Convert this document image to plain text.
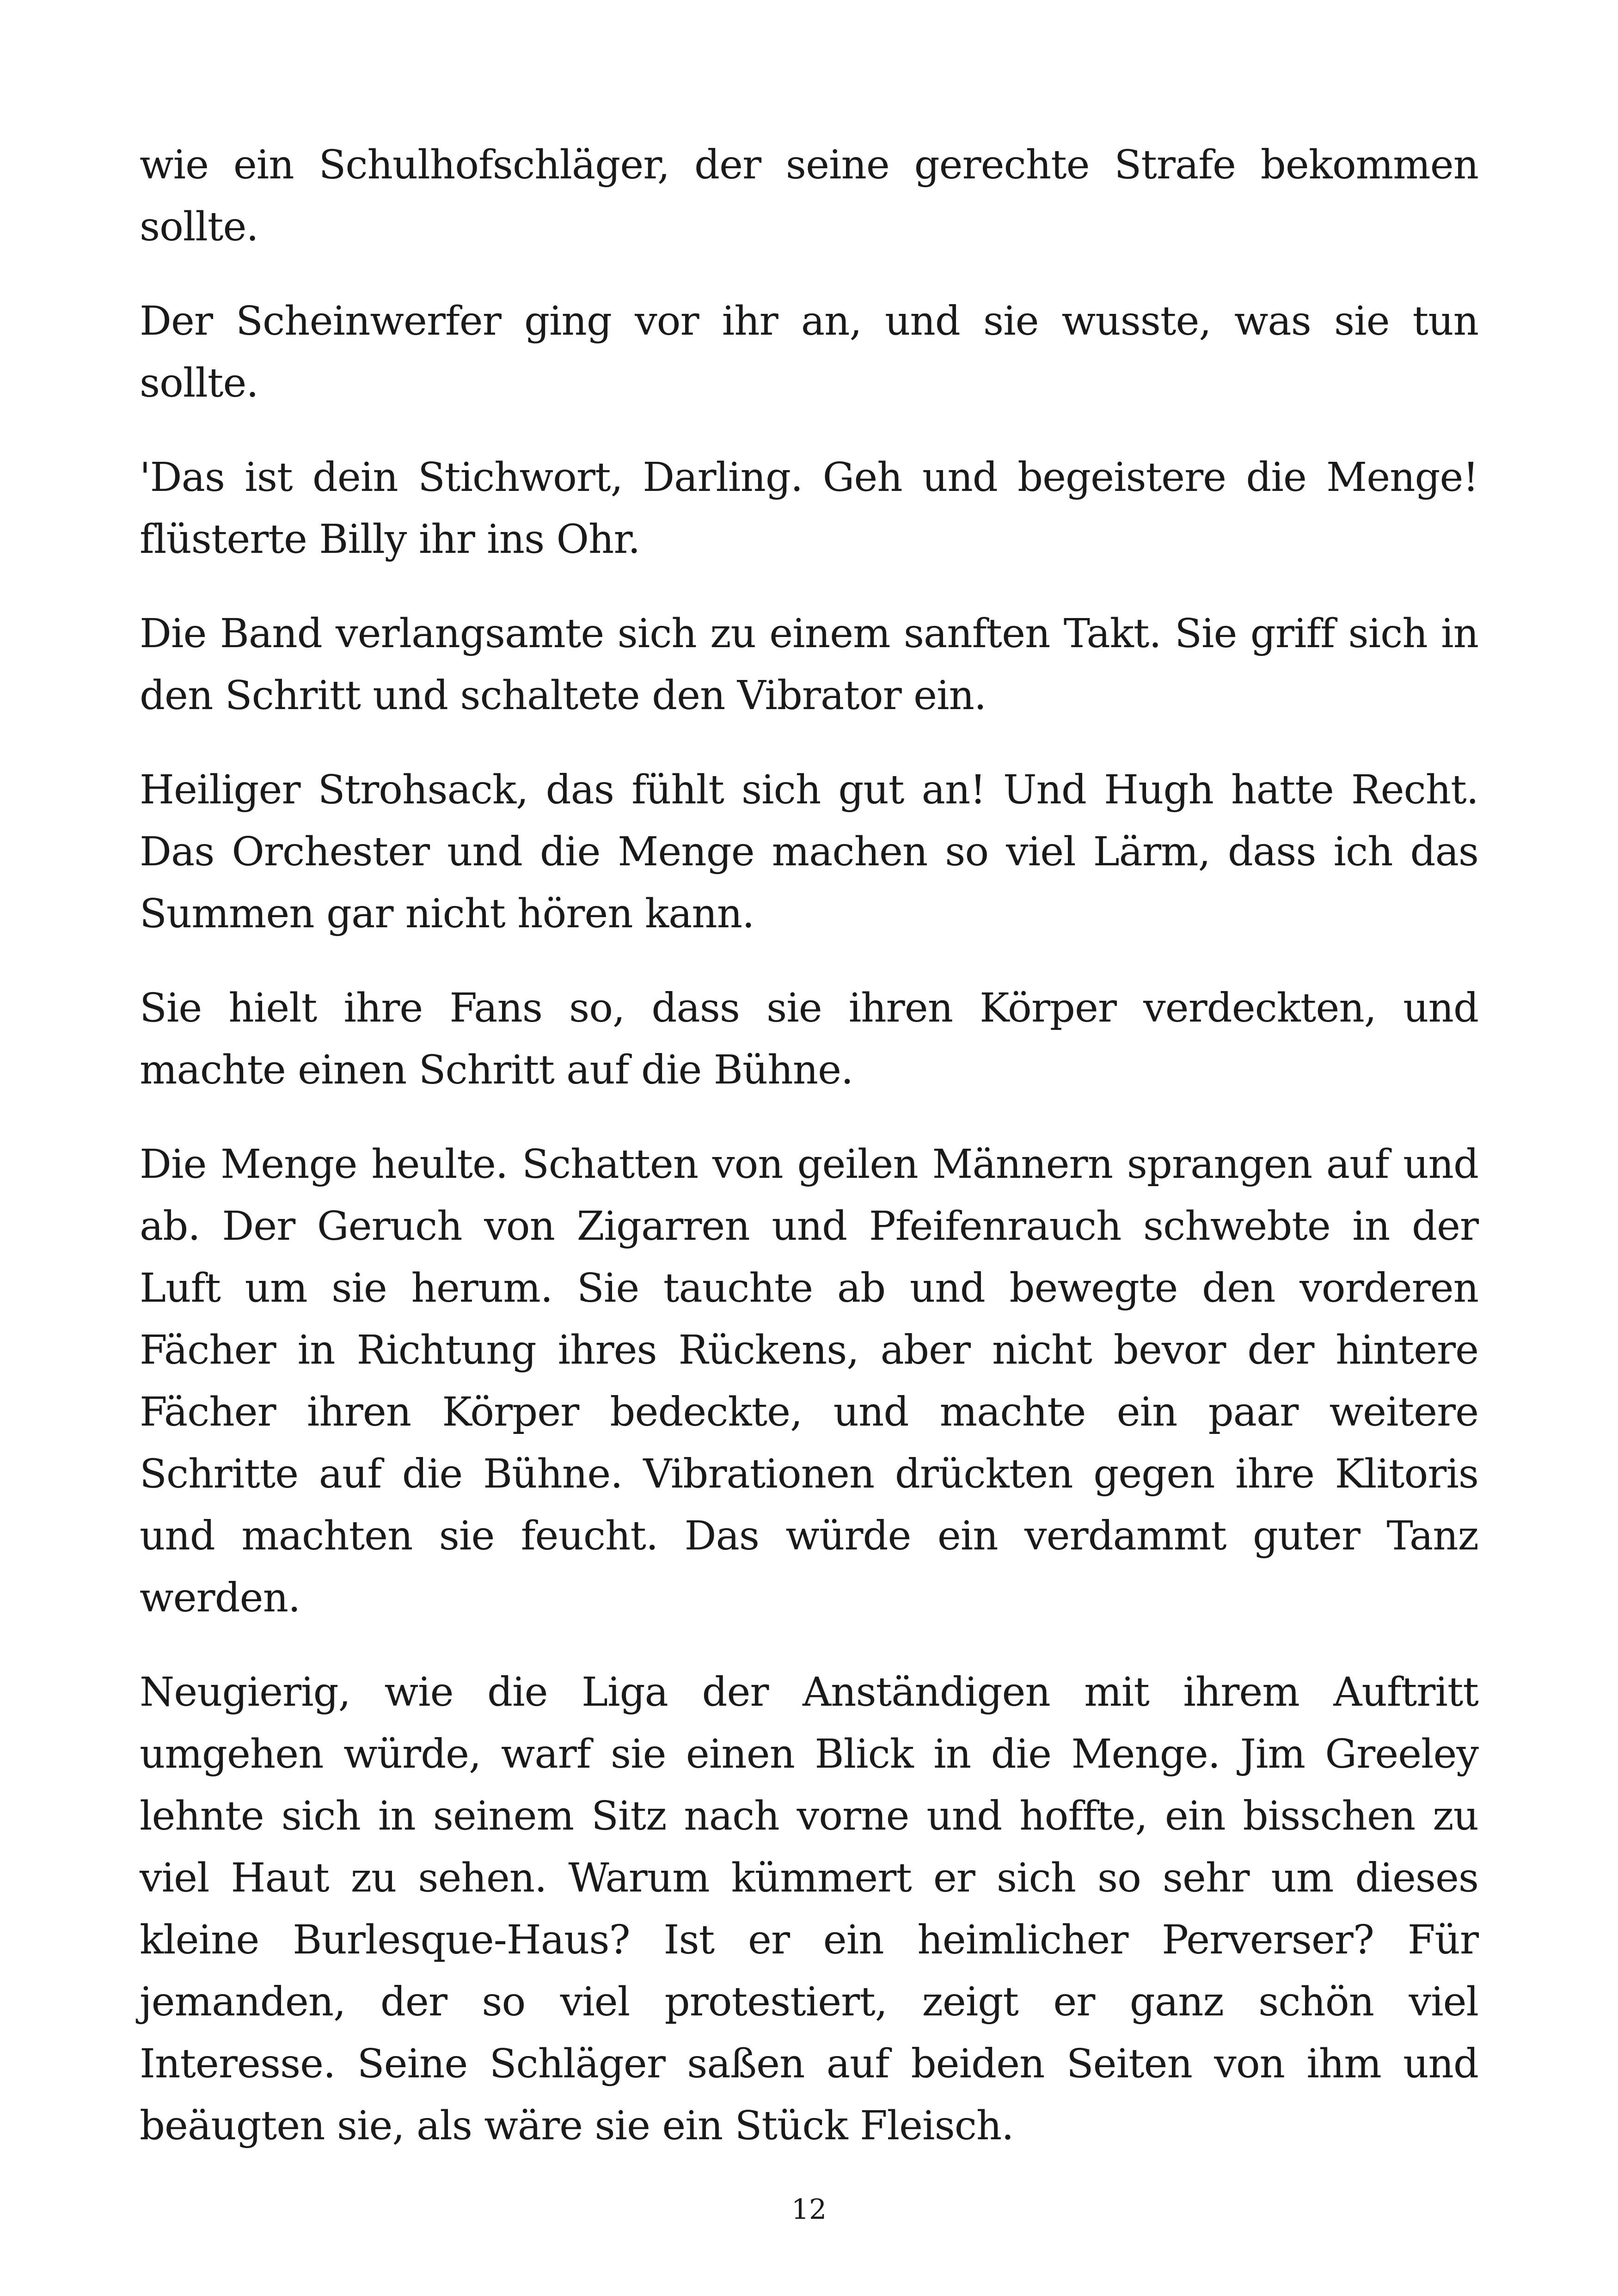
wie ein Schulhofschläger, der seine gerechte Strafe bekommen sollte.

Der Scheinwerfer ging vor ihr an, und sie wusste, was sie tun sollte.

'Das ist dein Stichwort, Darling. Geh und begeistere die Menge! flüsterte Billy ihr ins Ohr.

Die Band verlangsamte sich zu einem sanften Takt. Sie griff sich in den Schritt und schaltete den Vibrator ein.

Heiliger Strohsack, das fühlt sich gut an! Und Hugh hatte Recht. Das Orchester und die Menge machen so viel Lärm, dass ich das Summen gar nicht hören kann.

Sie hielt ihre Fans so, dass sie ihren Körper verdeckten, und machte einen Schritt auf die Bühne.

Die Menge heulte. Schatten von geilen Männern sprangen auf und ab. Der Geruch von Zigarren und Pfeifenrauch schwebte in der Luft um sie herum. Sie tauchte ab und bewegte den vorderen Fächer in Richtung ihres Rückens, aber nicht bevor der hintere Fächer ihren Körper bedeckte, und machte ein paar weitere Schritte auf die Bühne. Vibrationen drückten gegen ihre Klitoris und machten sie feucht. Das würde ein verdammt guter Tanz werden.

Neugierig, wie die Liga der Anständigen mit ihrem Auftritt umgehen würde, warf sie einen Blick in die Menge. Jim Greeley lehnte sich in seinem Sitz nach vorne und hoffte, ein bisschen zu viel Haut zu sehen. Warum kümmert er sich so sehr um dieses kleine Burlesque-Haus? Ist er ein heimlicher Perverser? Für jemanden, der so viel protestiert, zeigt er ganz schön viel Interesse. Seine Schläger saßen auf beiden Seiten von ihm und beäugten sie, als wäre sie ein Stück Fleisch.

12
